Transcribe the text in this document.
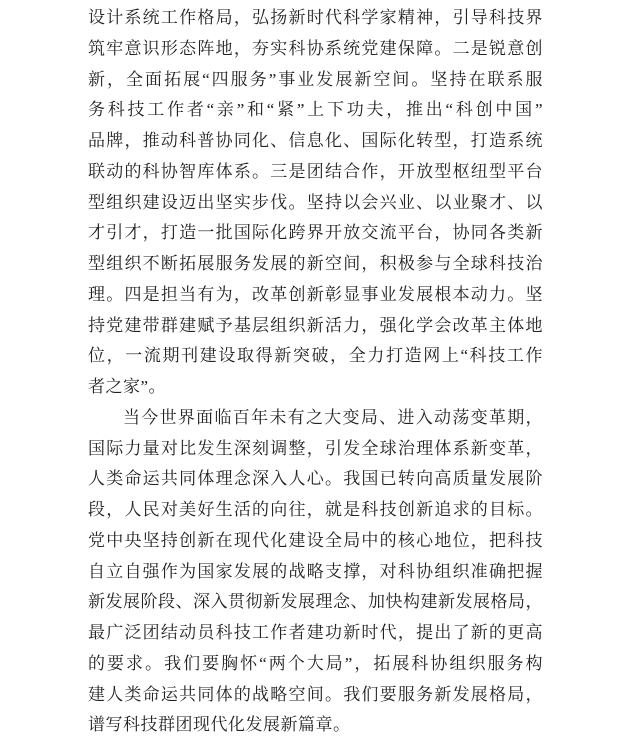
设计系统工作格局，弘扬新时代科学家精神，引导科技界
筑牢意识形态阵地，夯实科协系统党建保障。二是锐意创
新，全面拓展“四服务”事业发展新空间。坚持在联系服
务科技工作者“亲”和“紧”上下功夫，推出“科创中国”
品牌，推动科普协同化、信息化、国际化转型，打造系统
联动的科协智库体系。三是团结合作，开放型枢纽型平台
型组织建设迈出坚实步伐。坚持以会兴业、以业聚才、以
才引才，打造一批国际化跨界开放交流平台，协同各类新
型组织不断拓展服务发展的新空间，积极参与全球科技治
理。四是担当有为，改革创新彰显事业发展根本动力。坚
持党建带群建赋予基层组织新活力，强化学会改革主体地
位，一流期刊建设取得新突破，全力打造网上“科技工作
者之家”。
当今世界面临百年未有之大变局、进入动荡变革期，
国际力量对比发生深刻调整，引发全球治理体系新变革，
人类命运共同体理念深入人心。我国已转向高质量发展阶
段，人民对美好生活的向往，就是科技创新追求的目标。
党中央坚持创新在现代化建设全局中的核心地位，把科技
自立自强作为国家发展的战略支撑，对科协组织准确把握
新发展阶段、深入贯彻新发展理念、加快构建新发展格局，
最广泛团结动员科技工作者建功新时代，提出了新的更高
的要求。我们要胸怀“两个大局”，拓展科协组织服务构
建人类命运共同体的战略空间。我们要服务新发展格局，
谱写科技群团现代化发展新篇章。
